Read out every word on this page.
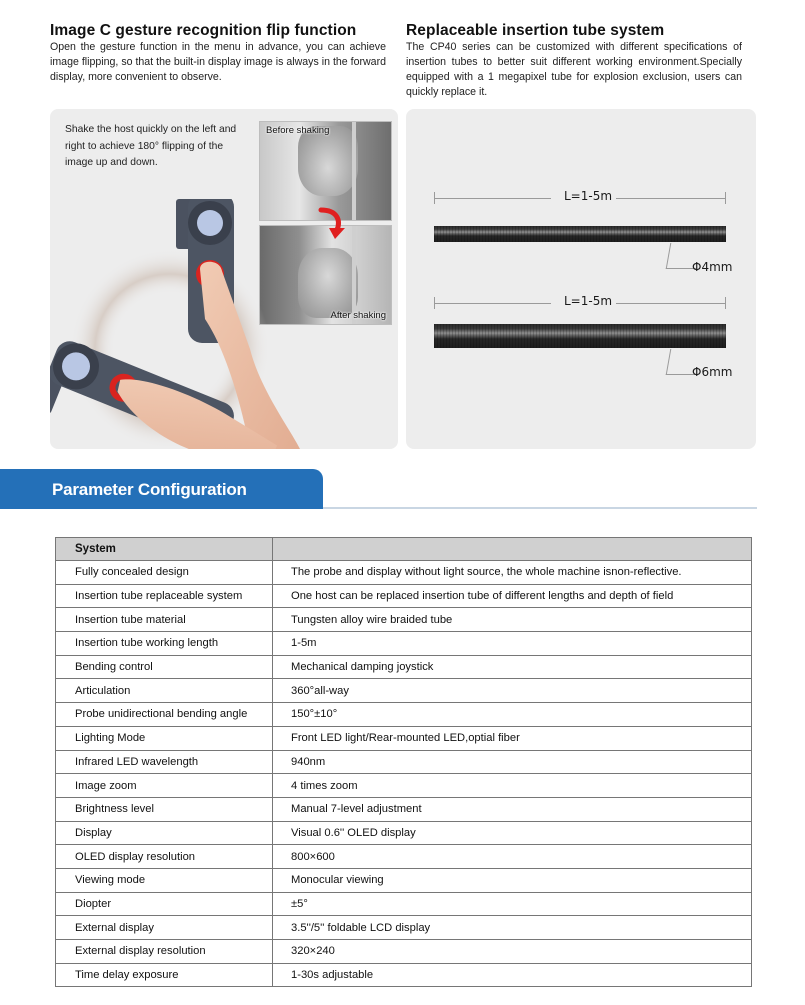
Image C gesture recognition flip function

Open the gesture function in the menu in advance, you can achieve image flipping, so that the built-in display image is always in the forward display, more convenient to observe.

Replaceable insertion tube system

The CP40 series can be customized with different specifications of insertion tubes to better suit different working environment.Specially equipped with a 1 megapixel tube for explosion exclusion, users can quickly replace it.

Shake the host quickly on the left and right to achieve 180° flipping of the image up and down.
Before shaking
After shaking
L=1-5m
Φ4mm
L=1-5m
Φ6mm
Parameter Configuration
System	
Fully concealed design	The probe and display without light source, the whole machine isnon-reflective.
Insertion tube replaceable system	One host can be replaced insertion tube of different lengths and depth of field
Insertion tube material	Tungsten alloy wire braided tube
Insertion tube working length	1-5m
Bending control	Mechanical damping joystick
Articulation	360°all-way
Probe unidirectional bending angle	150°±10°
Lighting Mode	Front LED light/Rear-mounted LED,optial fiber
Infrared LED wavelength	940nm
Image zoom	4 times zoom
Brightness level	Manual 7-level adjustment
Display	Visual 0.6'' OLED display
OLED display resolution	800×600
Viewing mode	Monocular viewing
Diopter	±5°
External display	3.5''/5'' foldable LCD display
External display resolution	320×240
Time delay exposure	1-30s adjustable
